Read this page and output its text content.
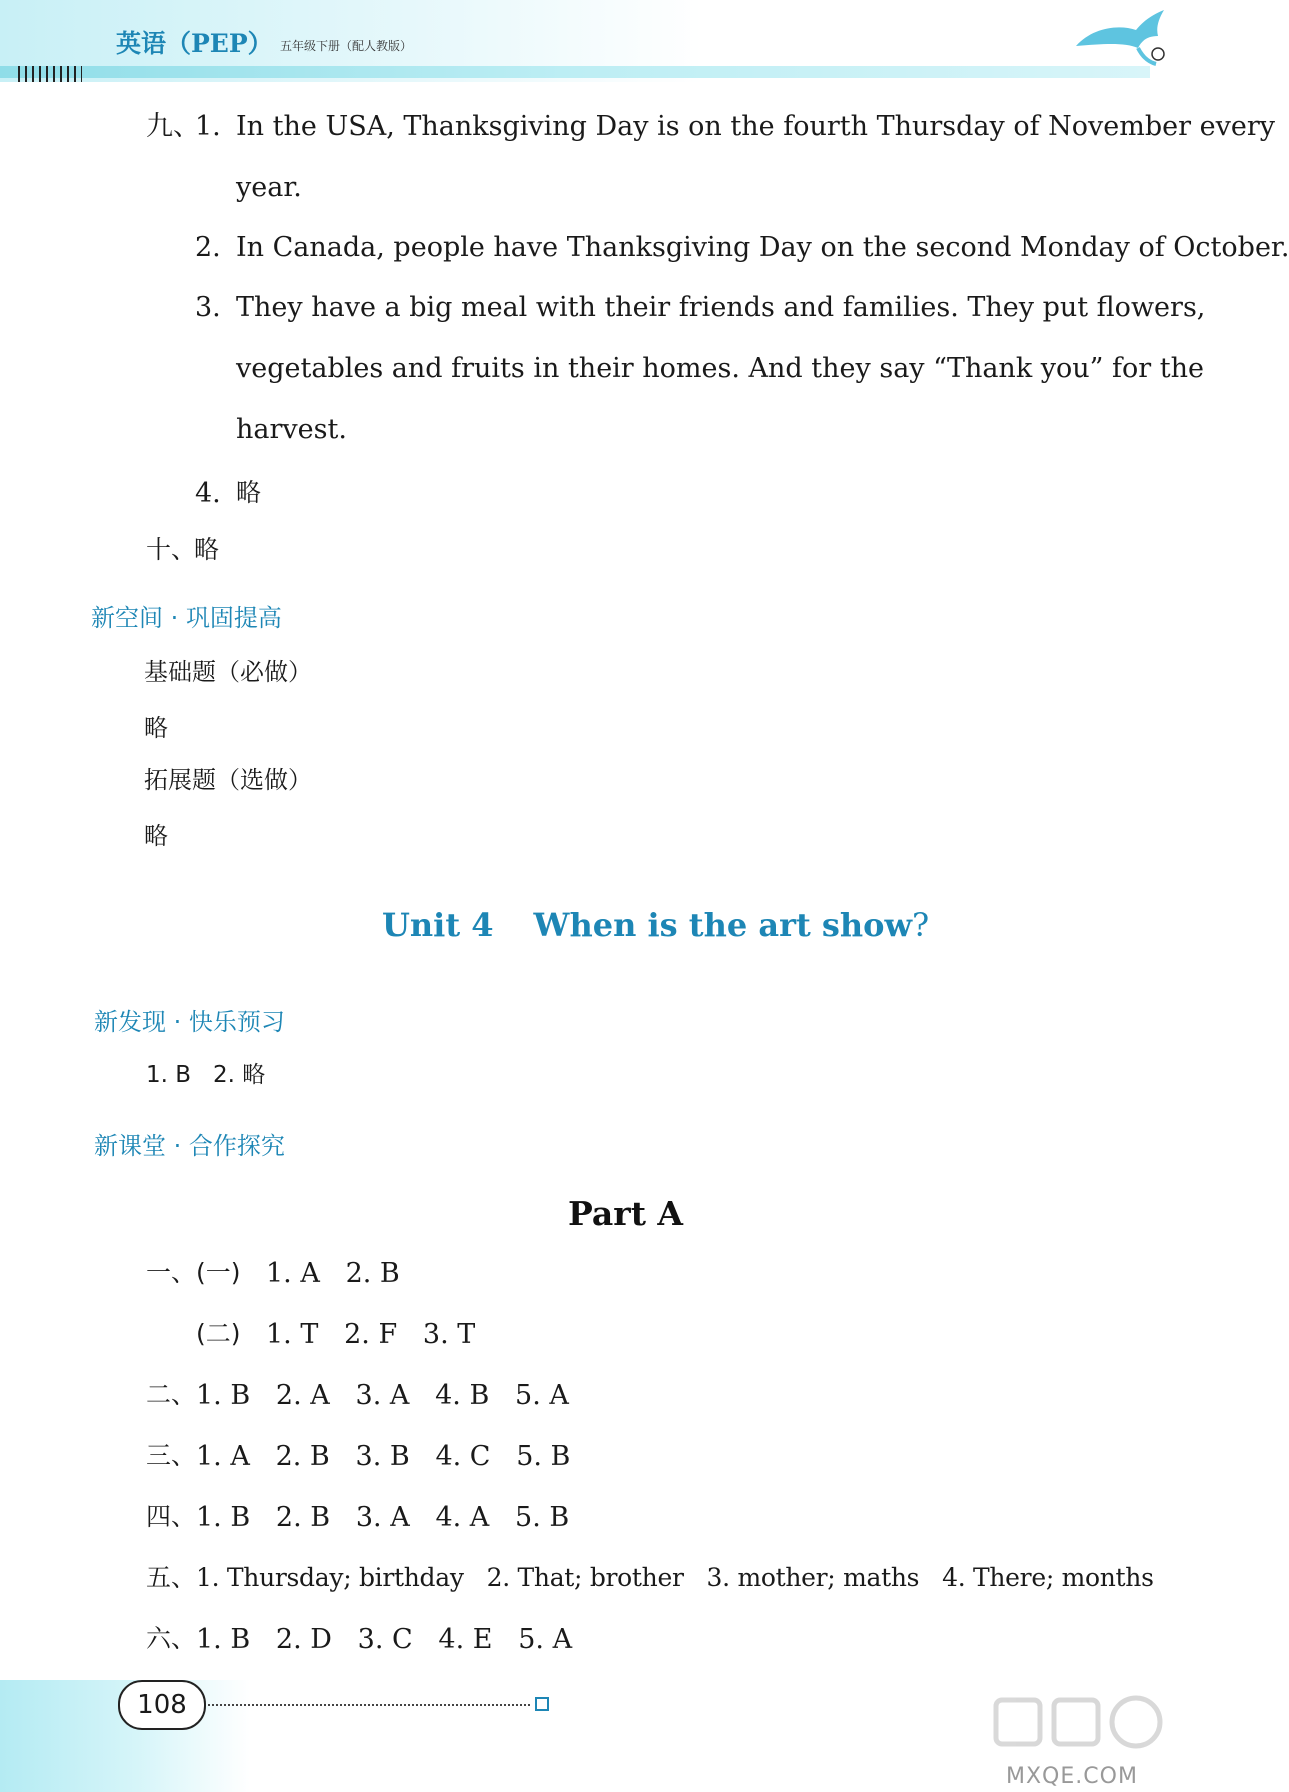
英语（PEP） 五年级下册（配人教版）
九、
1. In the USA, Thanksgiving Day is on the fourth Thursday of November every
year.
2. In Canada, people have Thanksgiving Day on the second Monday of October.
3. They have a big meal with their friends and families. They put flowers,
vegetables and fruits in their homes. And they say “Thank you” for the
harvest.
4. 略
十、
略
新空间 · 巩固提高
基础题（必做）
略
拓展题（选做）
略
Unit 4 When is the art show?
新发现 · 快乐预习
1. B   2. 略
新课堂 · 合作探究
Part A
一、 (一) 1. A   2. B
(二) 1. T   2. F   3. T
二、 1. B   2. A   3. A   4. B   5. A
三、 1. A   2. B   3. B   4. C   5. B
四、 1. B   2. B   3. A   4. A   5. B
五、 1. Thursday; birthday   2. That; brother   3. mother; maths   4. There; months
六、 1. B   2. D   3. C   4. E   5. A
108
MXQE.COM
